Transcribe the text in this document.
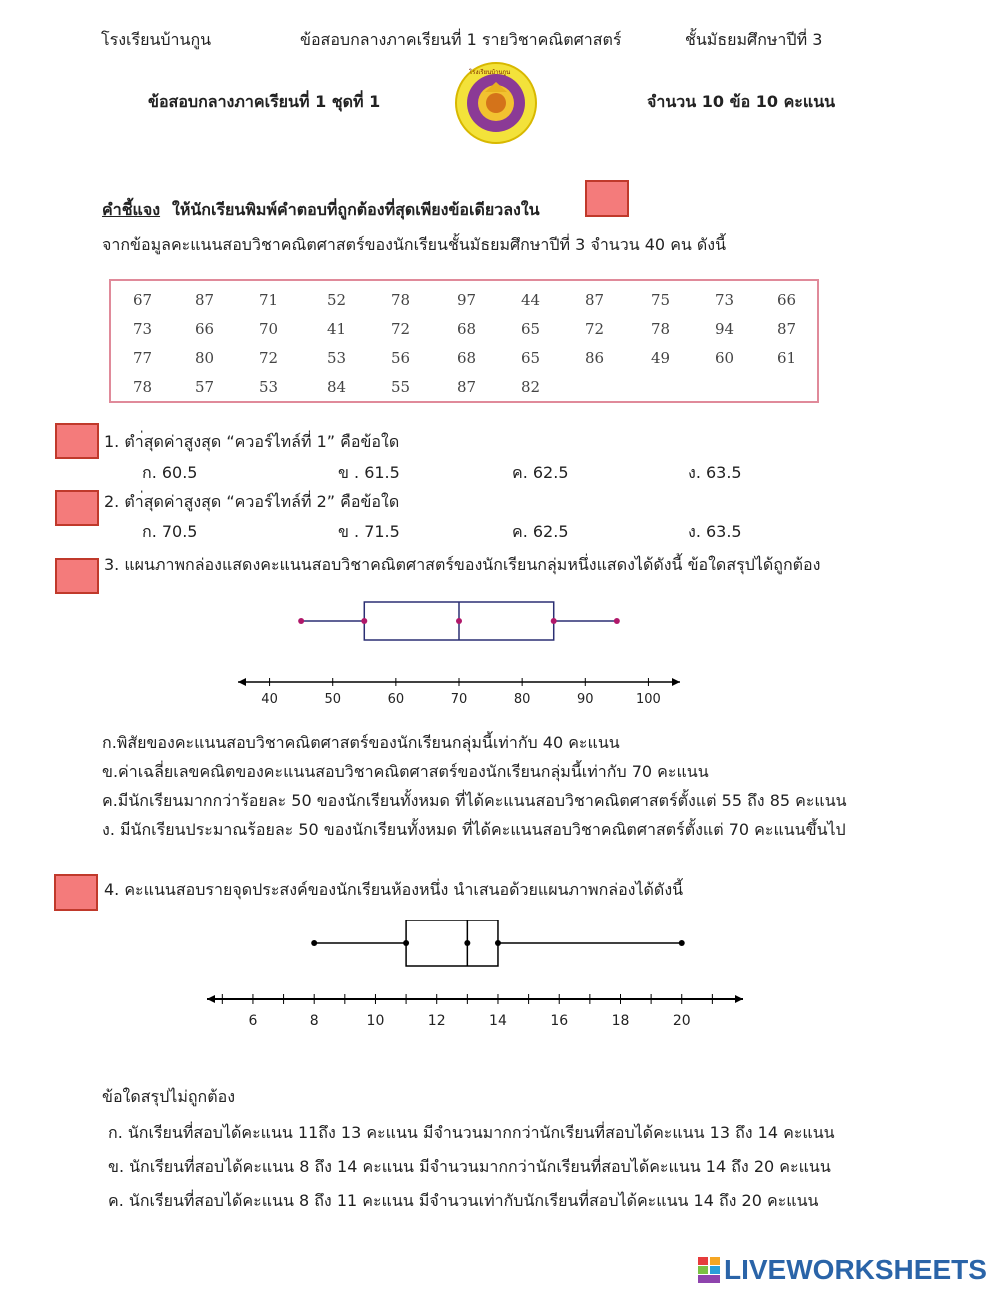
โรงเรียนบ้านกูน	ข้อสอบกลางภาคเรียนที่ 1 รายวิชาคณิตศาสตร์	ชั้นมัธยมศึกษาปีที่ 3
ข้อสอบกลางภาคเรียนที่ 1 ชุดที่ 1	จำนวน 10 ข้อ 10 คะแนน
โรงเรียนบ้านกูน
คำชี้แจง ให้นักเรียนพิมพ์คำตอบที่ถูกต้องที่สุดเพียงข้อเดียวลงใน
จากข้อมูลคะแนนสอบวิชาคณิตศาสตร์ของนักเรียนชั้นมัธยมศึกษาปีที่ 3 จำนวน 40 คน ดังนี้
67	87	71	52	78	97	44	87	75	73	66
73	66	70	41	72	68	65	72	78	94	87
77	80	72	53	56	68	65	86	49	60	61
78	57	53	84	55	87	82
1. ตำ่สุดค่าสูงสุด “ควอร์ไทล์ที่ 1” คือข้อใด
ก. 60.5	ข . 61.5	ค. 62.5	ง. 63.5
2. ตำ่สุดค่าสูงสุด “ควอร์ไทล์ที่ 2” คือข้อใด
ก. 70.5	ข . 71.5	ค. 62.5	ง. 63.5
3. แผนภาพกล่องแสดงคะแนนสอบวิชาคณิตศาสตร์ของนักเรียนกลุ่มหนึ่งแสดงได้ดังนี้ ข้อใดสรุปได้ถูกต้อง
40	50	60	70	80	90	100
ก.พิสัยของคะแนนสอบวิชาคณิตศาสตร์ของนักเรียนกลุ่มนี้เท่ากับ 40 คะแนน
ข.ค่าเฉลี่ยเลขคณิตของคะแนนสอบวิชาคณิตศาสตร์ของนักเรียนกลุ่มนี้เท่ากับ 70 คะแนน
ค.มีนักเรียนมากกว่าร้อยละ 50 ของนักเรียนทั้งหมด ที่ได้คะแนนสอบวิชาคณิตศาสตร์ตั้งแต่ 55 ถึง 85 คะแนน
ง. มีนักเรียนประมาณร้อยละ 50 ของนักเรียนทั้งหมด ที่ได้คะแนนสอบวิชาคณิตศาสตร์ตั้งแต่ 70 คะแนนขึ้นไป
4. คะแนนสอบรายจุดประสงค์ของนักเรียนห้องหนึ่ง นำเสนอด้วยแผนภาพกล่องได้ดังนี้
6	8	10	12	14	16	18	20
ข้อใดสรุปไม่ถูกต้อง
ก. นักเรียนที่สอบได้คะแนน 11ถึง 13 คะแนน มีจำนวนมากกว่านักเรียนที่สอบได้คะแนน 13 ถึง 14 คะแนน
ข. นักเรียนที่สอบได้คะแนน 8 ถึง 14 คะแนน มีจำนวนมากกว่านักเรียนที่สอบได้คะแนน 14 ถึง 20 คะแนน
ค. นักเรียนที่สอบได้คะแนน 8 ถึง 11 คะแนน มีจำนวนเท่ากับนักเรียนที่สอบได้คะแนน 14 ถึง 20 คะแนน
LIVEWORKSHEETS
